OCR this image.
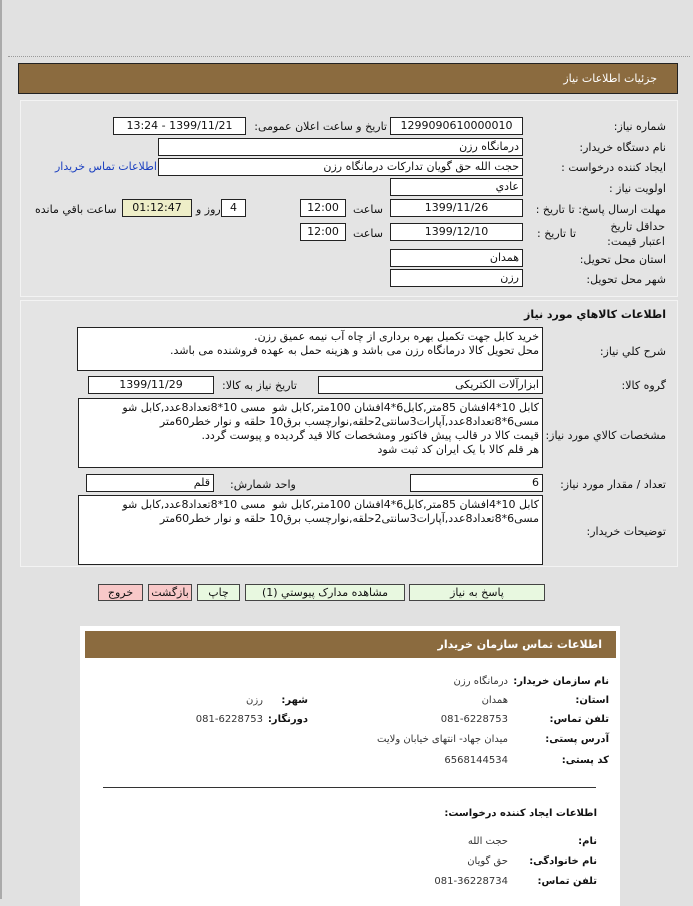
جزئیات اطلاعات نیاز
شماره نیاز:
1299090610000010
تاریخ و ساعت اعلان عمومی:
1399/11/21 - 13:24
نام دستگاه خریدار:
درمانگاه رزن
ایجاد کننده درخواست :
حجت الله حق گویان تدارکات درمانگاه رزن
اطلاعات تماس خریدار
اولویت نیاز :
عادي
مهلت ارسال پاسخ: تا تاریخ :
1399/11/26
ساعت
12:00
4
روز و
01:12:47
ساعت باقي مانده
حداقل تاریخ اعتبار قیمت:
تا تاریخ :
1399/12/10
ساعت
12:00
استان محل تحویل:
همدان
شهر محل تحویل:
رزن
اطلاعات کالاهاي مورد نياز
شرح کلي نياز:
خرید کابل جهت تکمیل بهره برداری از چاه آب نیمه عمیق رزن.
محل تحویل کالا درمانگاه رزن می باشد و هزینه حمل به عهده فروشنده می باشد.
گروه کالا:
ابزارآلات الکتریکی
تاریخ نیاز به کالا:
1399/11/29
مشخصات کالاي مورد نياز:
کابل 10*4افشان 85متر,کابل6*4افشان 100متر,کابل شو  مسی 10*8تعداد8عدد,کابل شو مسی6*8تعداد8عدد,آپارات3سانتی2حلقه,نوارچسب برق10 حلقه و نوار خطر60متر
قیمت کالا در قالب پیش فاکتور ومشخصات کالا قید گردیده و پیوست گردد.
هر قلم کالا با یک ایران کد ثبت شود
تعداد / مقدار مورد نیاز:
6
واحد شمارش:
قلم
توضیحات خریدار:
کابل 10*4افشان 85متر,کابل6*4افشان 100متر,کابل شو  مسی 10*8تعداد8عدد,کابل شو مسی6*8تعداد8عدد,آپارات3سانتی2حلقه,نوارچسب برق10 حلقه و نوار خطر60متر
پاسخ به نیاز
مشاهده مدارک پیوستي (1)
چاپ
بازگشت
خروج
اطلاعات تماس سازمان خریدار
نام سازمان خریدار:
درمانگاه رزن
استان:
همدان
شهر:
رزن
تلفن تماس:
081-6228753
دورنگار:
081-6228753
آدرس پستی:
میدان جهاد- انتهای خیابان ولایت
کد پستی:
6568144534
اطلاعات ایجاد کننده درخواست:
نام:
حجت الله
نام خانوادگی:
حق گویان
تلفن تماس:
081-36228734
